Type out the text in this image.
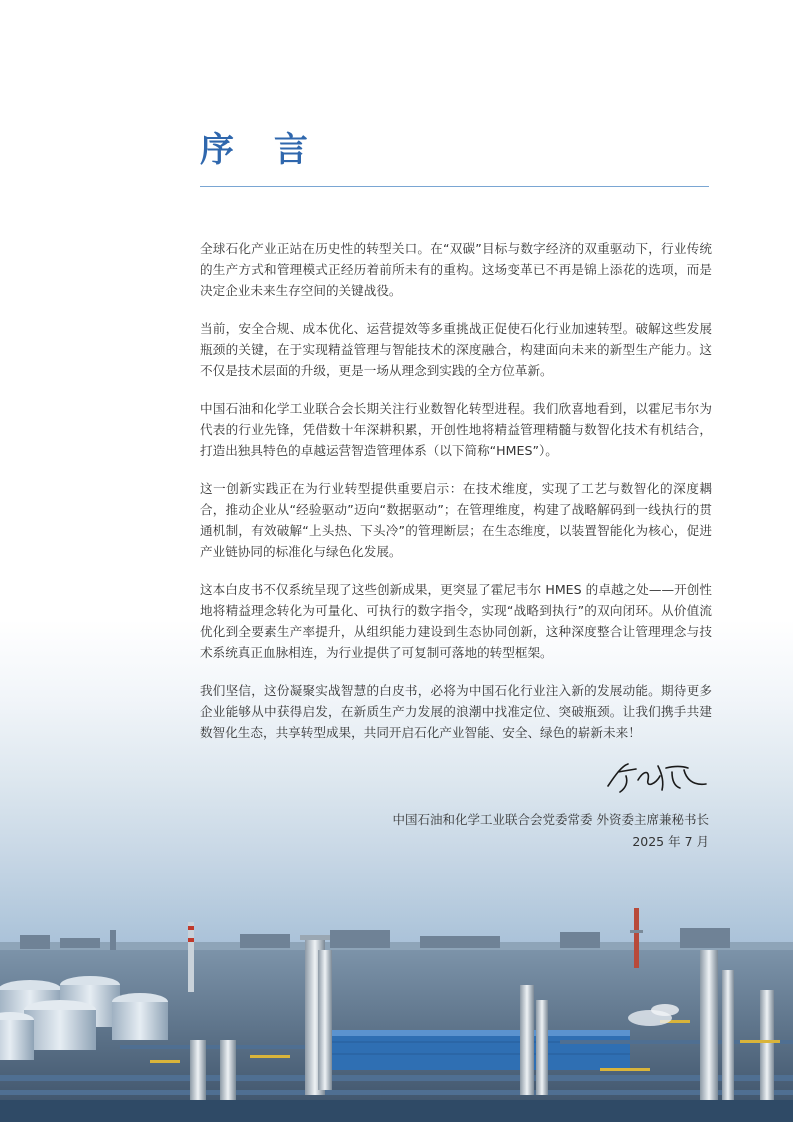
序 言

全球石化产业正站在历史性的转型关口。在“双碳”目标与数字经济的双重驱动下，行业传统的生产方式和管理模式正经历着前所未有的重构。这场变革已不再是锦上添花的选项，而是决定企业未来生存空间的关键战役。

当前，安全合规、成本优化、运营提效等多重挑战正促使石化行业加速转型。破解这些发展瓶颈的关键，在于实现精益管理与智能技术的深度融合，构建面向未来的新型生产能力。这不仅是技术层面的升级，更是一场从理念到实践的全方位革新。

中国石油和化学工业联合会长期关注行业数智化转型进程。我们欣喜地看到，以霍尼韦尔为代表的行业先锋，凭借数十年深耕积累，开创性地将精益管理精髓与数智化技术有机结合，打造出独具特色的卓越运营智造管理体系（以下简称“HMES”）。

这一创新实践正在为行业转型提供重要启示：在技术维度，实现了工艺与数智化的深度耦合，推动企业从“经验驱动”迈向“数据驱动”；在管理维度，构建了战略解码到一线执行的贯通机制，有效破解“上头热、下头冷”的管理断层；在生态维度，以装置智能化为核心，促进产业链协同的标准化与绿色化发展。

这本白皮书不仅系统呈现了这些创新成果，更突显了霍尼韦尔 HMES 的卓越之处——开创性地将精益理念转化为可量化、可执行的数字指令，实现“战略到执行”的双向闭环。从价值流优化到全要素生产率提升，从组织能力建设到生态协同创新，这种深度整合让管理理念与技术系统真正血脉相连，为行业提供了可复制可落地的转型框架。

我们坚信，这份凝聚实战智慧的白皮书，必将为中国石化行业注入新的发展动能。期待更多企业能够从中获得启发，在新质生产力发展的浪潮中找准定位、突破瓶颈。让我们携手共建数智化生态，共享转型成果，共同开启石化产业智能、安全、绿色的崭新未来！

中国石油和化学工业联合会党委常委 外资委主席兼秘书长
2025 年 7 月
